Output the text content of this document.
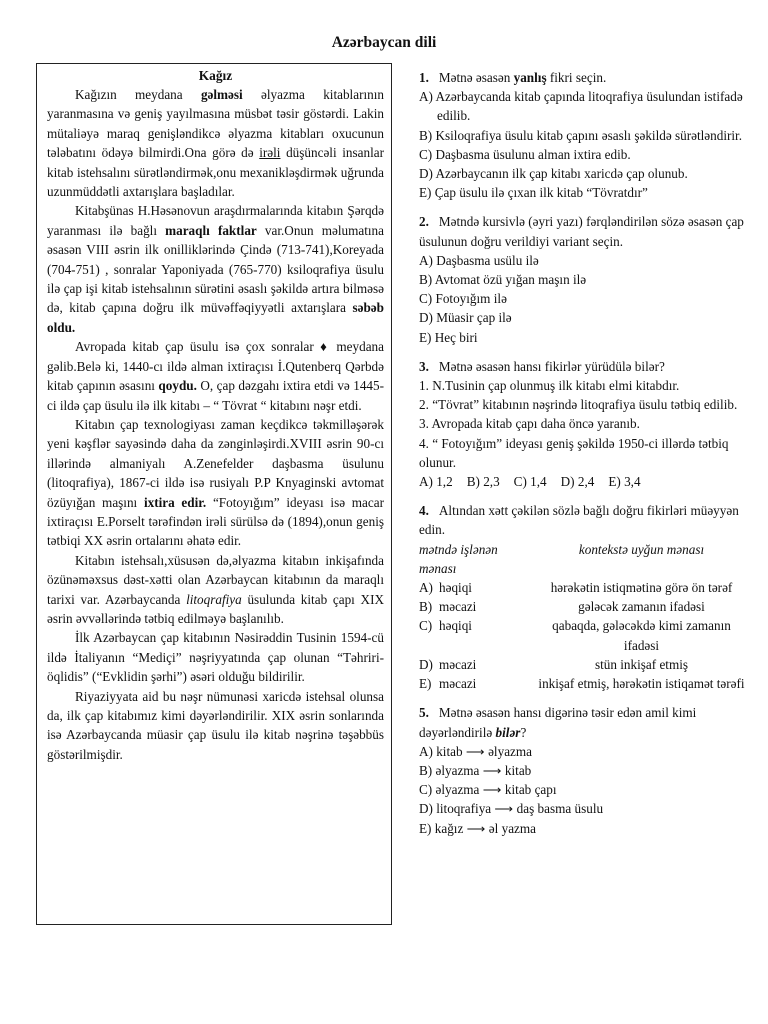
Azərbaycan dili
Kağız

Kağızın meydana gəlməsi əlyazma kitablarının yaranmasına və geniş yayılmasına müsbət təsir göstərdi. Lakin mütaliəyə maraq genişləndikcə əlyazma kitabları oxucunun tələbatını ödəyə bilmirdi.Ona görə də irəli düşüncəli insanlar kitab istehsalını sürətləndirmək,onu mexanikləşdirmək uğrunda uzunmüddətli axtarışlara başladılar.

Kitabşünas H.Həsənovun araşdırmalarında kitabın Şərqdə yaranması ilə bağlı maraqlı faktlar var.Onun məlumatına əsasən VIII əsrin ilk onilliklərində Çində (713-741),Koreyada (704-751) , sonralar Yaponiyada (765-770) ksiloqrafiya üsulu ilə çap işi kitab istehsalının sürətini əsaslı şəkildə artıra bilməsə də, kitab çapına doğru ilk müvəffəqiyyətli axtarışlara səbəb oldu.

Avropada kitab çap üsulu isə çox sonralar ♦ meydana gəlib.Belə ki, 1440-cı ildə alman ixtiraçısı İ.Qutenberq Qərbdə kitab çapının əsasını qoydu. O, çap dəzgahı ixtira etdi və 1445-ci ildə çap üsulu ilə ilk kitabı – “ Tövrat “ kitabını nəşr etdi.

Kitabın çap texnologiyası zaman keçdikcə təkmilləşərək yeni kəşflər sayəsində daha da zənginləşirdi.XVIII əsrin 90-cı illərində almaniyalı A.Zenefelder daşbasma üsulunu (litoqrafiya), 1867-ci ildə isə rusiyalı P.P Knyaginski avtomat özüyığan maşını ixtira edir. “Fotoyığım” ideyası isə macar ixtiraçısı E.Porselt tərəfindən irəli sürülsə də (1894),onun geniş tətbiqi XX əsrin ortalarını əhatə edir.

Kitabın istehsalı,xüsusən də,əlyazma kitabın inkişafında özünəməxsus dəst-xətti olan Azərbaycan kitabının da maraqlı tarixi var. Azərbaycanda litoqrafiya üsulunda kitab çapı XIX əsrin əvvəllərində tətbiq edilməyə başlanılıb.

İlk Azərbaycan çap kitabının Nəsirəddin Tusinin 1594-cü ildə İtaliyanın “Mediçi” nəşriyyatında çap olunan “Təhriri-öqlidis” (“Evklidin şərhi”) əsəri olduğu bildirilir.

Riyaziyyata aid bu nəşr nümunəsi xaricdə istehsal olunsa da, ilk çap kitabımız kimi dəyərləndirilir. XIX əsrin sonlarında isə Azərbaycanda müasir çap üsulu ilə kitab nəşrinə təşəbbüs göstərilmişdir.

1. Mətnə əsasən yanlış fikri seçin.

A) Azərbaycanda kitab çapında litoqrafiya üsulundan istifadə edilib.

B) Ksiloqrafiya üsulu kitab çapını əsaslı şəkildə sürətləndirir.

C) Daşbasma üsulunu alman ixtira edib.

D) Azərbaycanın ilk çap kitabı xaricdə çap olunub.

E) Çap üsulu ilə çıxan ilk kitab “Tövratdır”

2. Mətndə kursivlə (əyri yazı) fərqləndirilən sözə əsasən çap üsulunun doğru verildiyi variant seçin.

A) Daşbasma usülu ilə

B) Avtomat özü yığan maşın ilə

C) Fotoyığım ilə

D) Müasir çap ilə

E) Heç biri

3. Mətnə əsasən hansı fikirlər yürüdülə bilər?

1. N.Tusinin çap olunmuş ilk kitabı elmi kitabdır.

2. “Tövrat” kitabının nəşrində litoqrafiya üsulu tətbiq edilib.

3. Avropada kitab çapı daha öncə yaranıb.

4. “ Fotoyığım” ideyası geniş şəkildə 1950-ci illərdə tətbiq olunur.

A) 1,2 B) 2,3 C) 1,4 D) 2,4 E) 3,4

4. Altından xətt çəkilən sözlə bağlı doğru fikirləri müəyyən edin.

mətndə işlənən mənası		kontekstə uyğun mənası
A)	həqiqi	hərəkətin istiqmətinə görə ön tərəf
B)	məcazi	gələcək zamanın ifadəsi
C)	həqiqi	qabaqda, gələcəkdə kimi zamanın ifadəsi
D)	məcazi	stün inkişaf etmiş
E)	məcazi	inkişaf etmiş, hərəkətin istiqamət tərəfi

5. Mətnə əsasən hansı digərinə təsir edən amil kimi dəyərləndirilə bilər?

A) kitab ⟶ əlyazma

B) əlyazma ⟶ kitab

C) əlyazma ⟶ kitab çapı

D) litoqrafiya ⟶ daş basma üsulu

E) kağız ⟶ əl yazma
